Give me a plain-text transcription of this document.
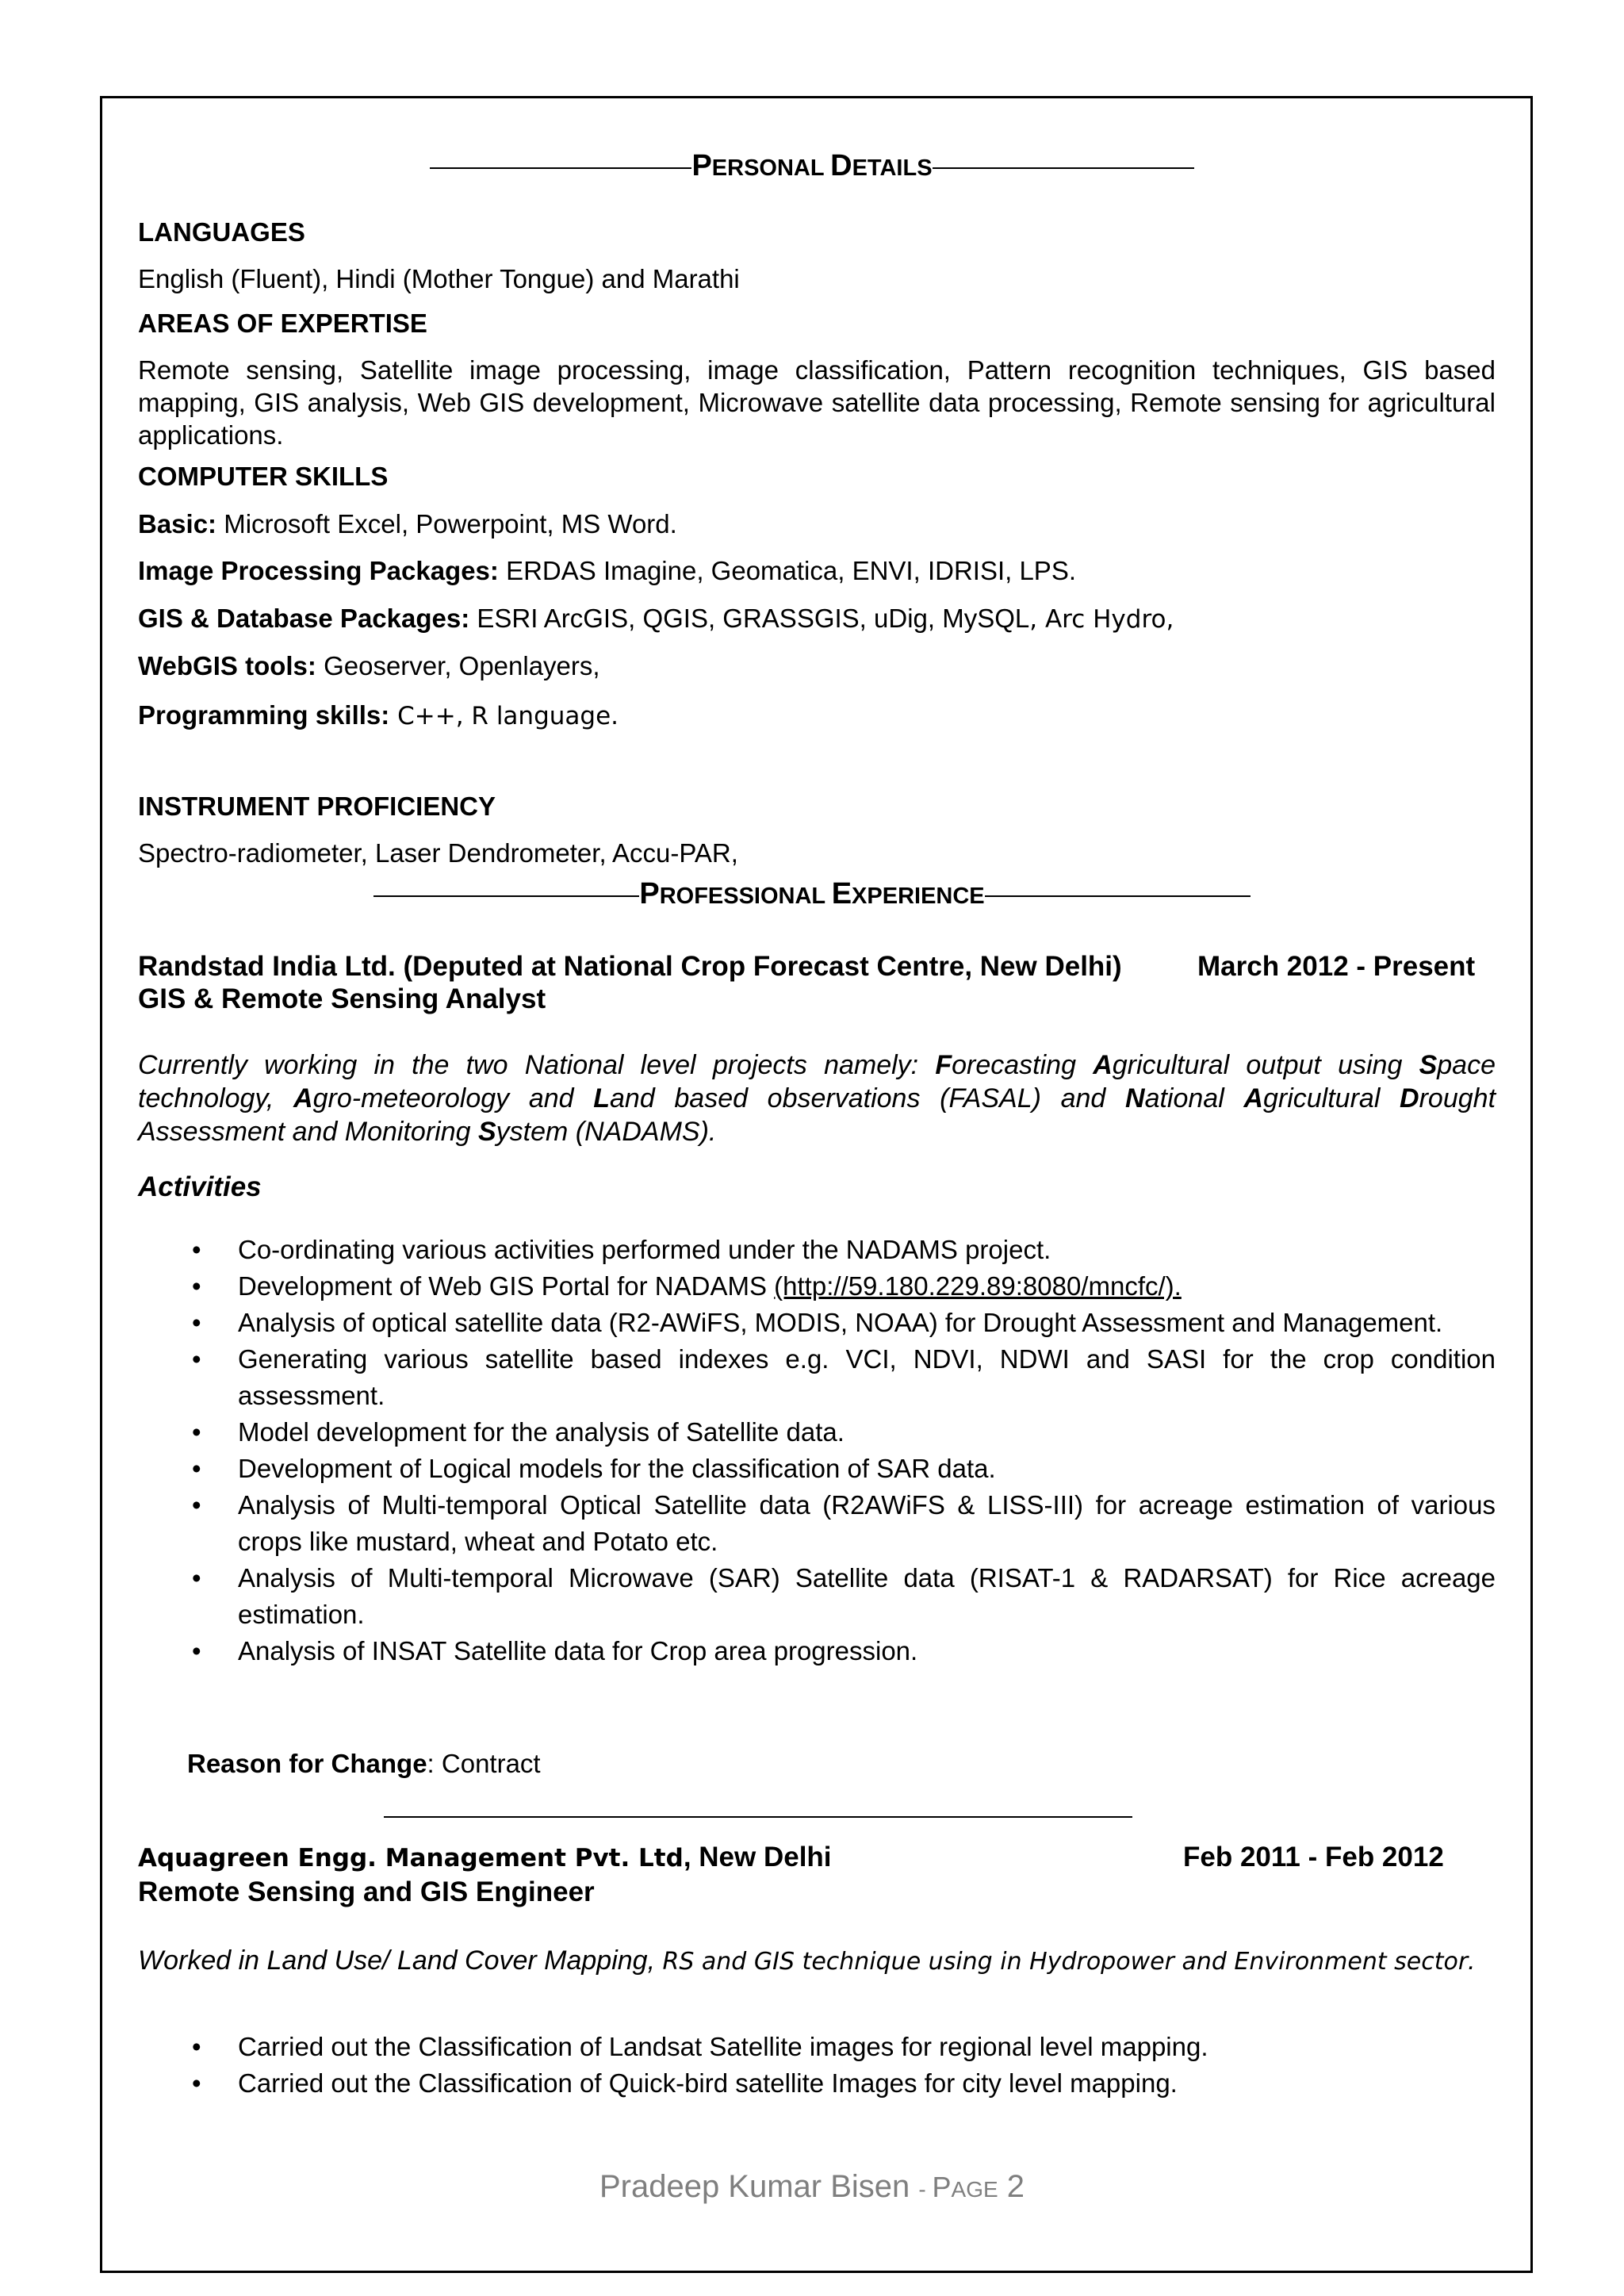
PERSONAL DETAILS
LANGUAGES
English (Fluent), Hindi (Mother Tongue) and Marathi
AREAS OF EXPERTISE
Remote sensing, Satellite image processing, image classification, Pattern recognition techniques, GIS based mapping, GIS analysis, Web GIS development, Microwave satellite data processing, Remote sensing for agricultural applications.
COMPUTER SKILLS
Basic: Microsoft Excel, Powerpoint, MS Word.
Image Processing Packages: ERDAS Imagine, Geomatica, ENVI, IDRISI, LPS.
GIS & Database Packages: ESRI ArcGIS, QGIS, GRASSGIS, uDig, MySQL, Arc Hydro,
WebGIS tools: Geoserver, Openlayers,
Programming skills: C++, R language.
INSTRUMENT PROFICIENCY
Spectro-radiometer, Laser Dendrometer, Accu-PAR,
PROFESSIONAL EXPERIENCE
Randstad India Ltd. (Deputed at National Crop Forecast Centre, New Delhi)	March 2012 - Present
GIS & Remote Sensing Analyst
Currently working in the two National level projects namely: Forecasting Agricultural output using Space technology, Agro-meteorology and Land based observations (FASAL) and National Agricultural Drought Assessment and Monitoring System (NADAMS).
Activities
• Co-ordinating various activities performed under the NADAMS project.
• Development of Web GIS Portal for NADAMS (http://59.180.229.89:8080/mncfc/).
• Analysis of optical satellite data (R2-AWiFS, MODIS, NOAA) for Drought Assessment and Management.
• Generating various satellite based indexes e.g. VCI, NDVI, NDWI and SASI for the crop condition assessment.
• Model development for the analysis of Satellite data.
• Development of Logical models for the classification of SAR data.
• Analysis of Multi-temporal Optical Satellite data (R2AWiFS & LISS-III) for acreage estimation of various crops like mustard, wheat and Potato etc.
• Analysis of Multi-temporal Microwave (SAR) Satellite data (RISAT-1 & RADARSAT) for Rice acreage estimation.
• Analysis of INSAT Satellite data for Crop area progression.
Reason for Change: Contract
Aquagreen Engg. Management Pvt. Ltd, New Delhi	Feb 2011 - Feb 2012
Remote Sensing and GIS Engineer
Worked in Land Use/ Land Cover Mapping, RS and GIS technique using in Hydropower and Environment sector.
• Carried out the Classification of Landsat Satellite images for regional level mapping.
• Carried out the Classification of Quick-bird satellite Images for city level mapping.
Pradeep Kumar Bisen - PAGE 2
